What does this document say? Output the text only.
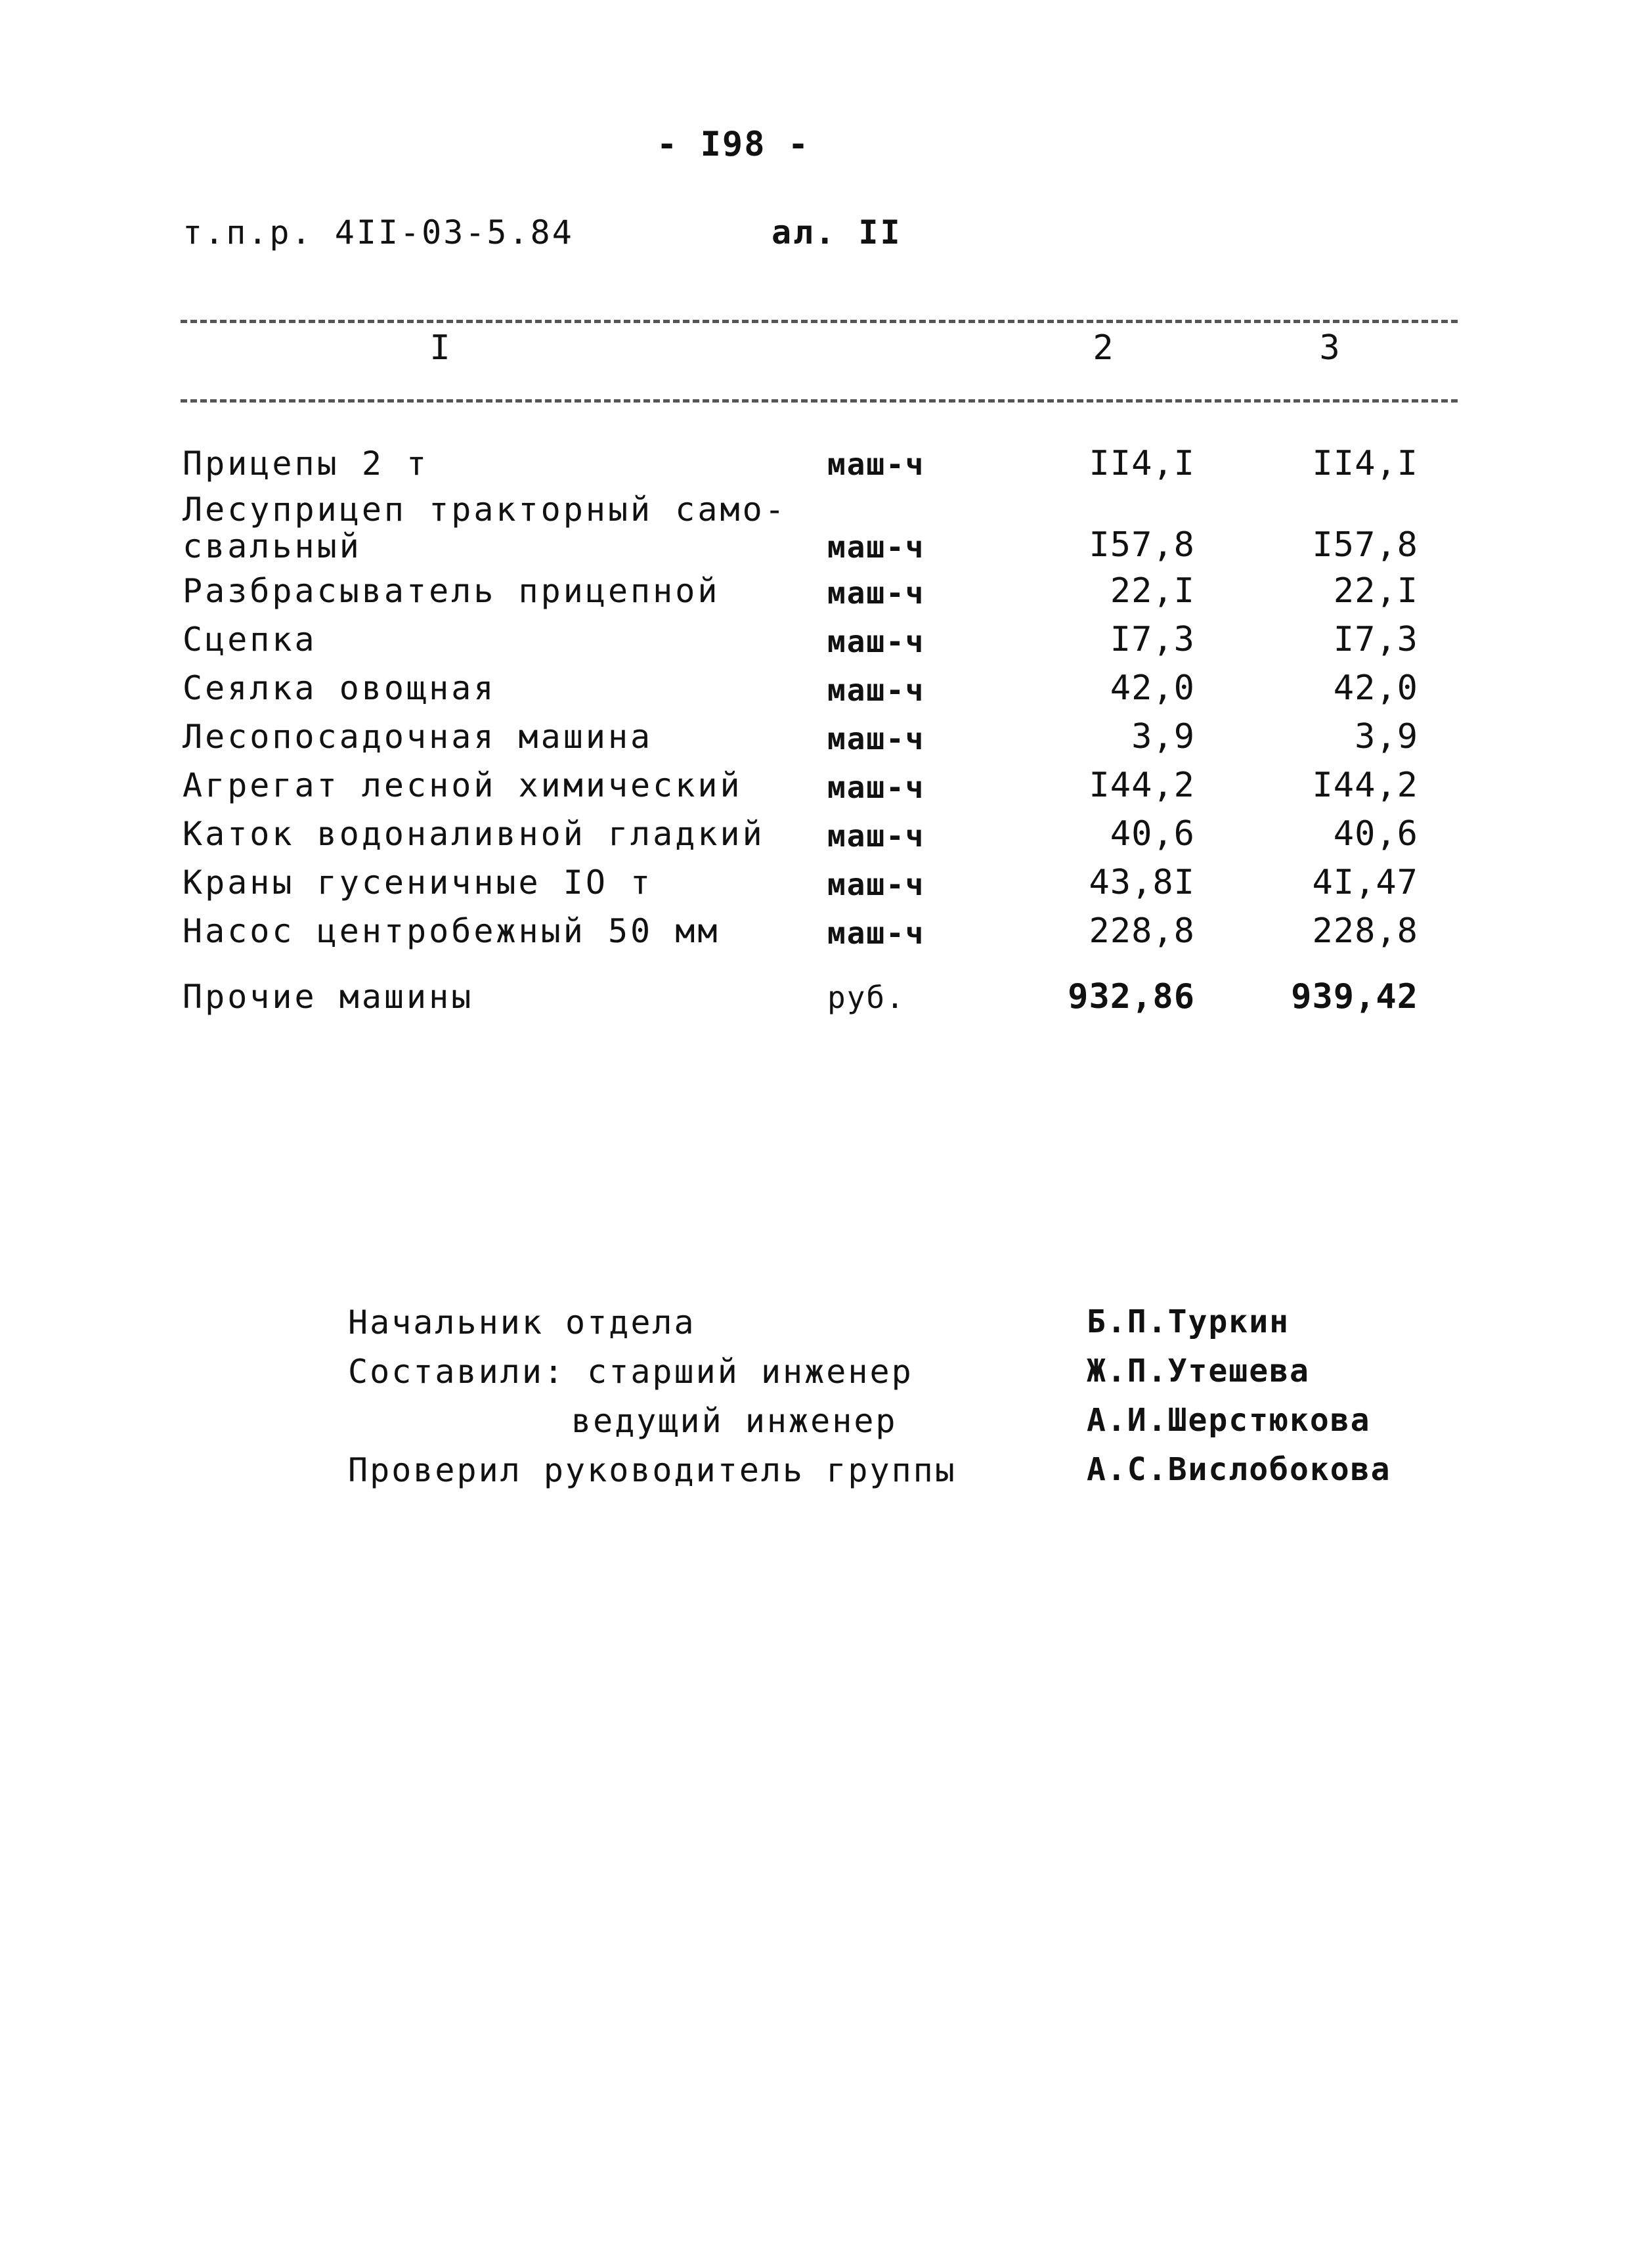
- I98 -
т.п.р. 4II-03-5.84	ал. II
I	2	3
Прицепы 2 т	маш-ч	II4,I	II4,I
Лесуприцеп тракторный само-
свальный	маш-ч	I57,8	I57,8
Разбрасыватель прицепной	маш-ч	22,I	22,I
Сцепка	маш-ч	I7,3	I7,3
Сеялка овощная	маш-ч	42,0	42,0
Лесопосадочная машина	маш-ч	3,9	3,9
Агрегат лесной химический	маш-ч	I44,2	I44,2
Каток водоналивной гладкий маш-ч	40,6	40,6
Краны гусеничные IO т	маш-ч	43,8I	4I,47
Насос центробежный 50 мм	маш-ч	228,8	228,8
Прочие машины	руб.	932,86	939,42
Начальник отдела	Б.П.Туркин
Составили: старший инженер	Ж.П.Утешева
ведущий инженер	А.И.Шерстюкова
Проверил руководитель группы	А.С.Вислобокова
